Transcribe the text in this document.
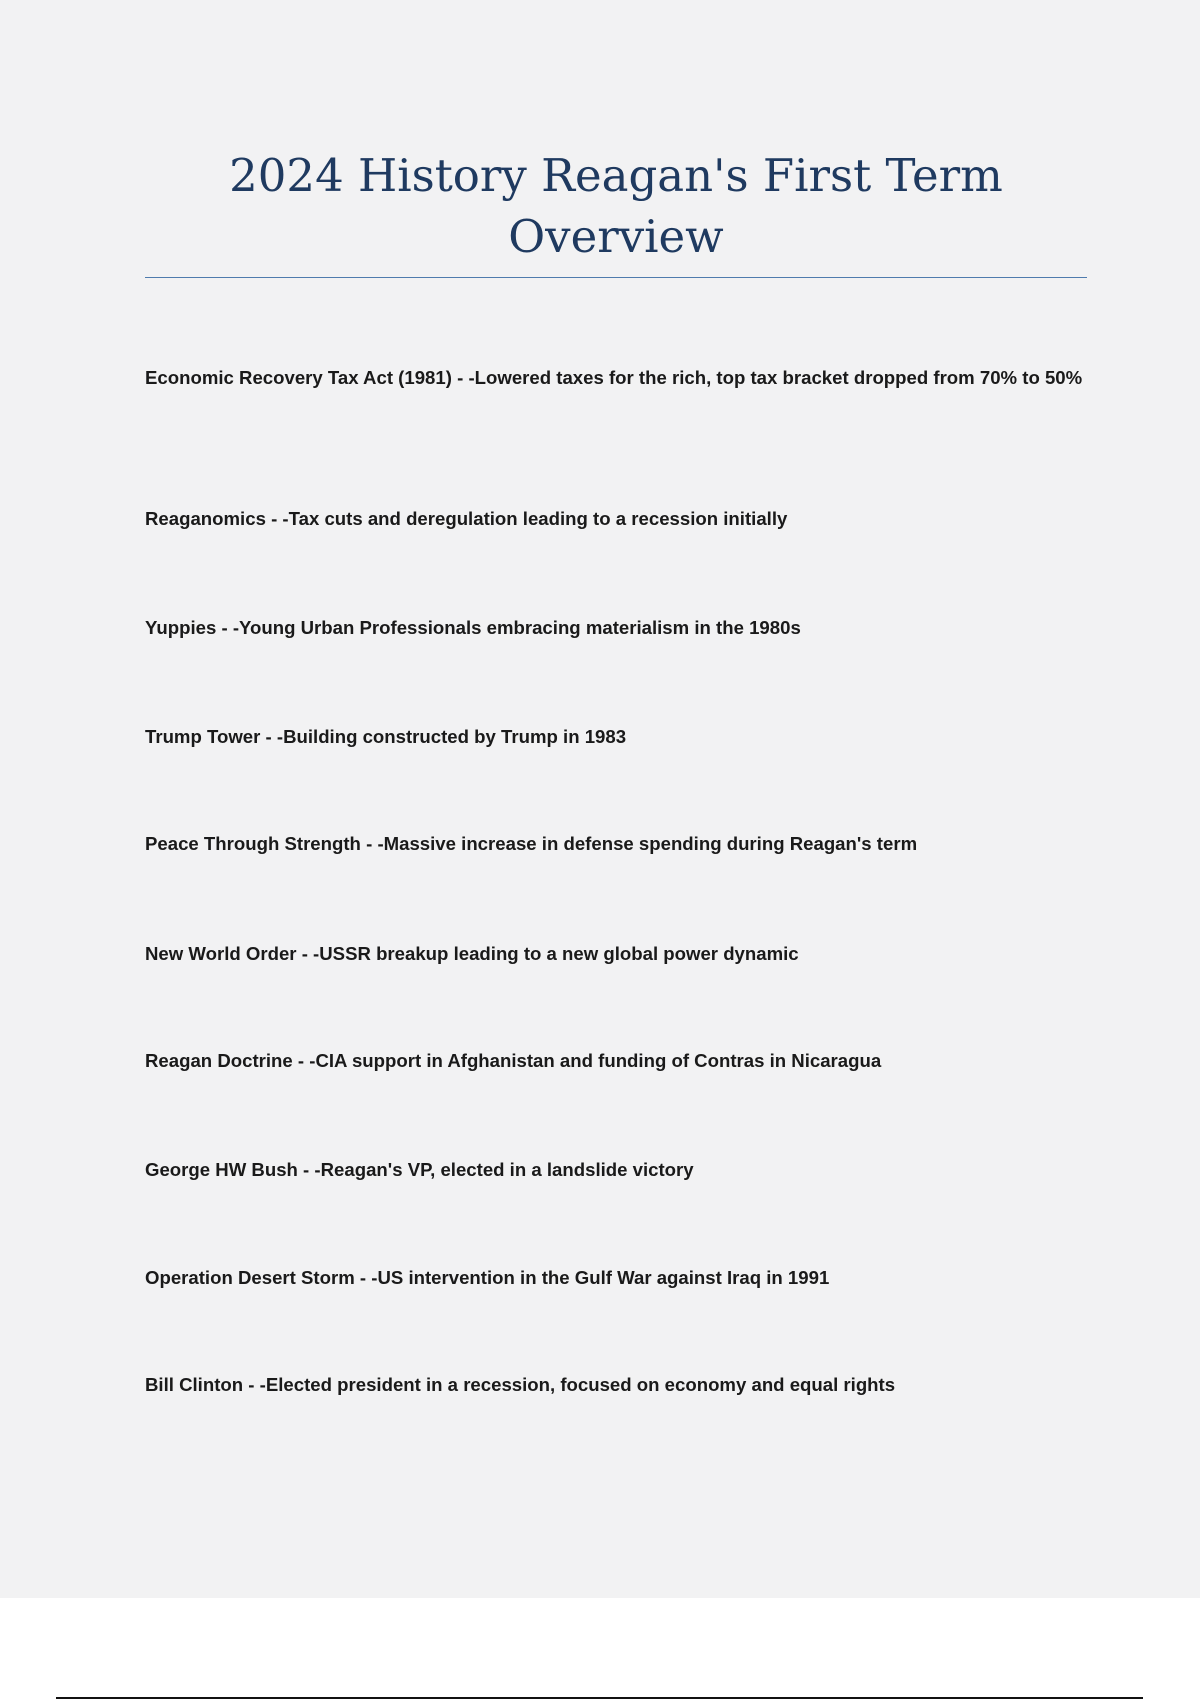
2024 History Reagan's First Term Overview

Economic Recovery Tax Act (1981) - -Lowered taxes for the rich, top tax bracket dropped from 70% to 50%

Reaganomics - -Tax cuts and deregulation leading to a recession initially

Yuppies - -Young Urban Professionals embracing materialism in the 1980s

Trump Tower - -Building constructed by Trump in 1983

Peace Through Strength - -Massive increase in defense spending during Reagan's term

New World Order - -USSR breakup leading to a new global power dynamic

Reagan Doctrine - -CIA support in Afghanistan and funding of Contras in Nicaragua

George HW Bush - -Reagan's VP, elected in a landslide victory

Operation Desert Storm - -US intervention in the Gulf War against Iraq in 1991

Bill Clinton - -Elected president in a recession, focused on economy and equal rights
